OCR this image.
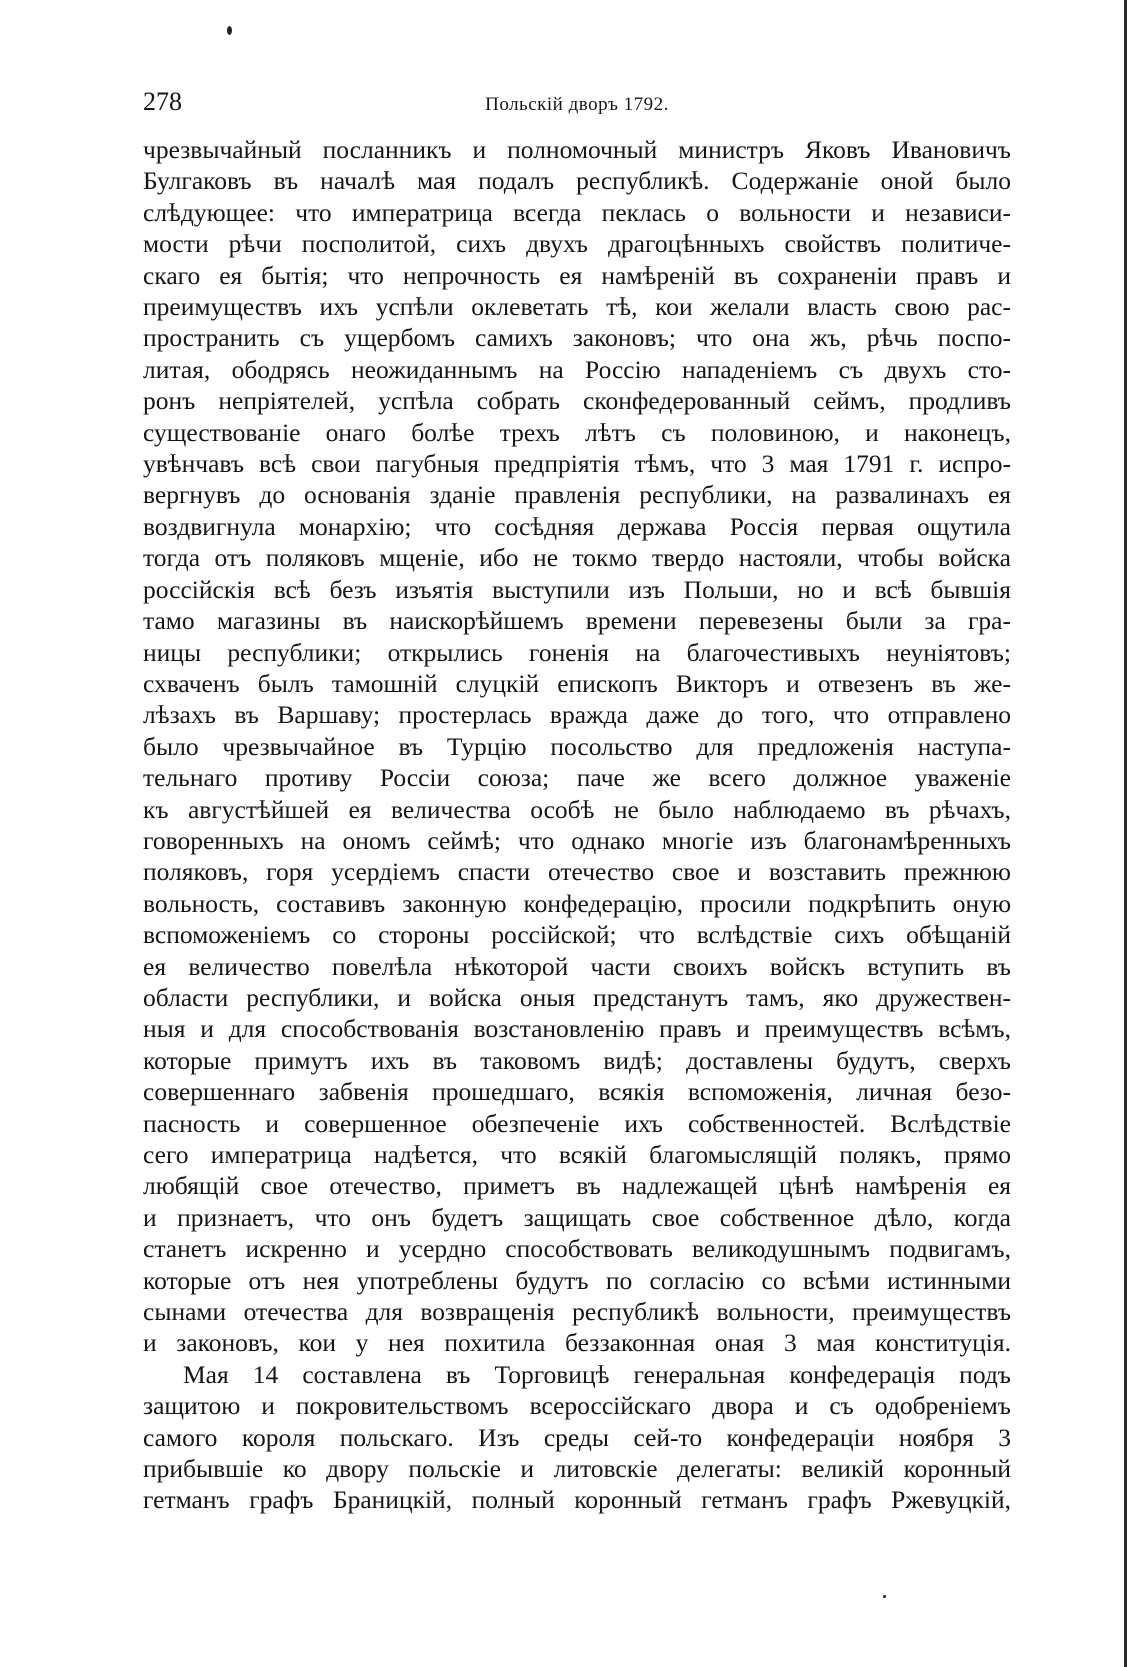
278	Польскій дворъ 1792.

чрезвычайный посланникъ и полномочный министръ Яковъ Ивановичъ
Булгаковъ въ началѣ мая подалъ республикѣ. Содержаніе оной было
слѣдующее: что императрица всегда пеклась о вольности и независи-
мости рѣчи посполитой, сихъ двухъ драгоцѣнныхъ свойствъ политиче-
скаго ея бытія; что непрочность ея намѣреній въ сохраненіи правъ и
преимуществъ ихъ успѣли оклеветать тѣ, кои желали власть свою рас-
пространить съ ущербомъ самихъ законовъ; что она жъ, рѣчь поспо-
литая, ободрясь неожиданнымъ на Россію нападеніемъ съ двухъ сто-
ронъ непріятелей, успѣла собрать сконфедерованный сеймъ, продливъ
существованіе онаго болѣе трехъ лѣтъ съ половиною, и наконецъ,
увѣнчавъ всѣ свои пагубныя предпріятія тѣмъ, что 3 мая 1791 г. испро-
вергнувъ до основанія зданіе правленія республики, на развалинахъ ея
воздвигнула монархію; что сосѣдняя держава Россія первая ощутила
тогда отъ поляковъ мщеніе, ибо не токмо твердо настояли, чтобы войска
россійскія всѣ безъ изъятія выступили изъ Польши, но и всѣ бывшія
тамо магазины въ наискорѣйшемъ времени перевезены были за гра-
ницы республики; открылись гоненія на благочестивыхъ неуніятовъ;
схваченъ былъ тамошній слуцкій епископъ Викторъ и отвезенъ въ же-
лѣзахъ въ Варшаву; простерлась вражда даже до того, что отправлено
было чрезвычайное въ Турцію посольство для предложенія наступа-
тельнаго противу Россіи союза; паче же всего должное уваженіе
къ августѣйшей ея величества особѣ не было наблюдаемо въ рѣчахъ,
говоренныхъ на ономъ сеймѣ; что однако многіе изъ благонамѣренныхъ
поляковъ, горя усердіемъ спасти отечество свое и возставить прежнюю
вольность, составивъ законную конфедерацію, просили подкрѣпить оную
вспоможеніемъ со стороны россійской; что вслѣдствіе сихъ обѣщаній
ея величество повелѣла нѣкоторой части своихъ войскъ вступить въ
области республики, и войска оныя предстанутъ тамъ, яко дружествен-
ныя и для способствованія возстановленію правъ и преимуществъ всѣмъ,
которые примутъ ихъ въ таковомъ видѣ; доставлены будутъ, сверхъ
совершеннаго забвенія прошедшаго, всякія вспоможенія, личная безо-
пасность и совершенное обезпеченіе ихъ собственностей. Вслѣдствіе
сего императрица надѣется, что всякій благомыслящій полякъ, прямо
любящій свое отечество, приметъ въ надлежащей цѣнѣ намѣренія ея
и признаетъ, что онъ будетъ защищать свое собственное дѣло, когда
станетъ искренно и усердно способствовать великодушнымъ подвигамъ,
которые отъ нея употреблены будутъ по согласію со всѣми истинными
сынами отечества для возвращенія республикѣ вольности, преимуществъ
и законовъ, кои у нея похитила беззаконная оная 3 мая конституція.

Мая 14 составлена въ Торговицѣ генеральная конфедерація подъ
защитою и покровительствомъ всероссійскаго двора и съ одобреніемъ
самого короля польскаго. Изъ среды сей-то конфедераціи ноября 3
прибывшіе ко двору польскіе и литовскіе делегаты: великій коронный
гетманъ графъ Браницкій, полный коронный гетманъ графъ Ржевуцкій,
